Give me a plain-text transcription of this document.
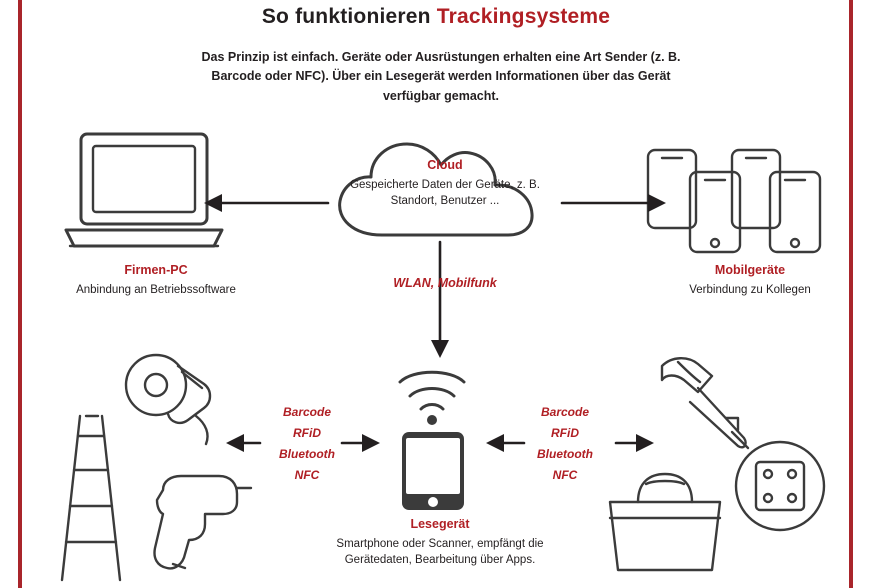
So funktionieren Trackingsysteme
Das Prinzip ist einfach. Geräte oder Ausrüstungen erhalten eine Art Sender (z. B. Barcode oder NFC). Über ein Lesegerät werden Informationen über das Gerät verfügbar gemacht.
Cloud
Gespeicherte Daten der Geräte, z. B. Standort, Benutzer ...
Firmen-PC
Anbindung an Betriebssoftware
Mobilgeräte
Verbindung zu Kollegen
WLAN, Mobilfunk
Lesegerät
Smartphone oder Scanner, empfängt die Gerätedaten, Bearbeitung über Apps.
Barcode
RFiD
Bluetooth
NFC
Barcode
RFiD
Bluetooth
NFC
